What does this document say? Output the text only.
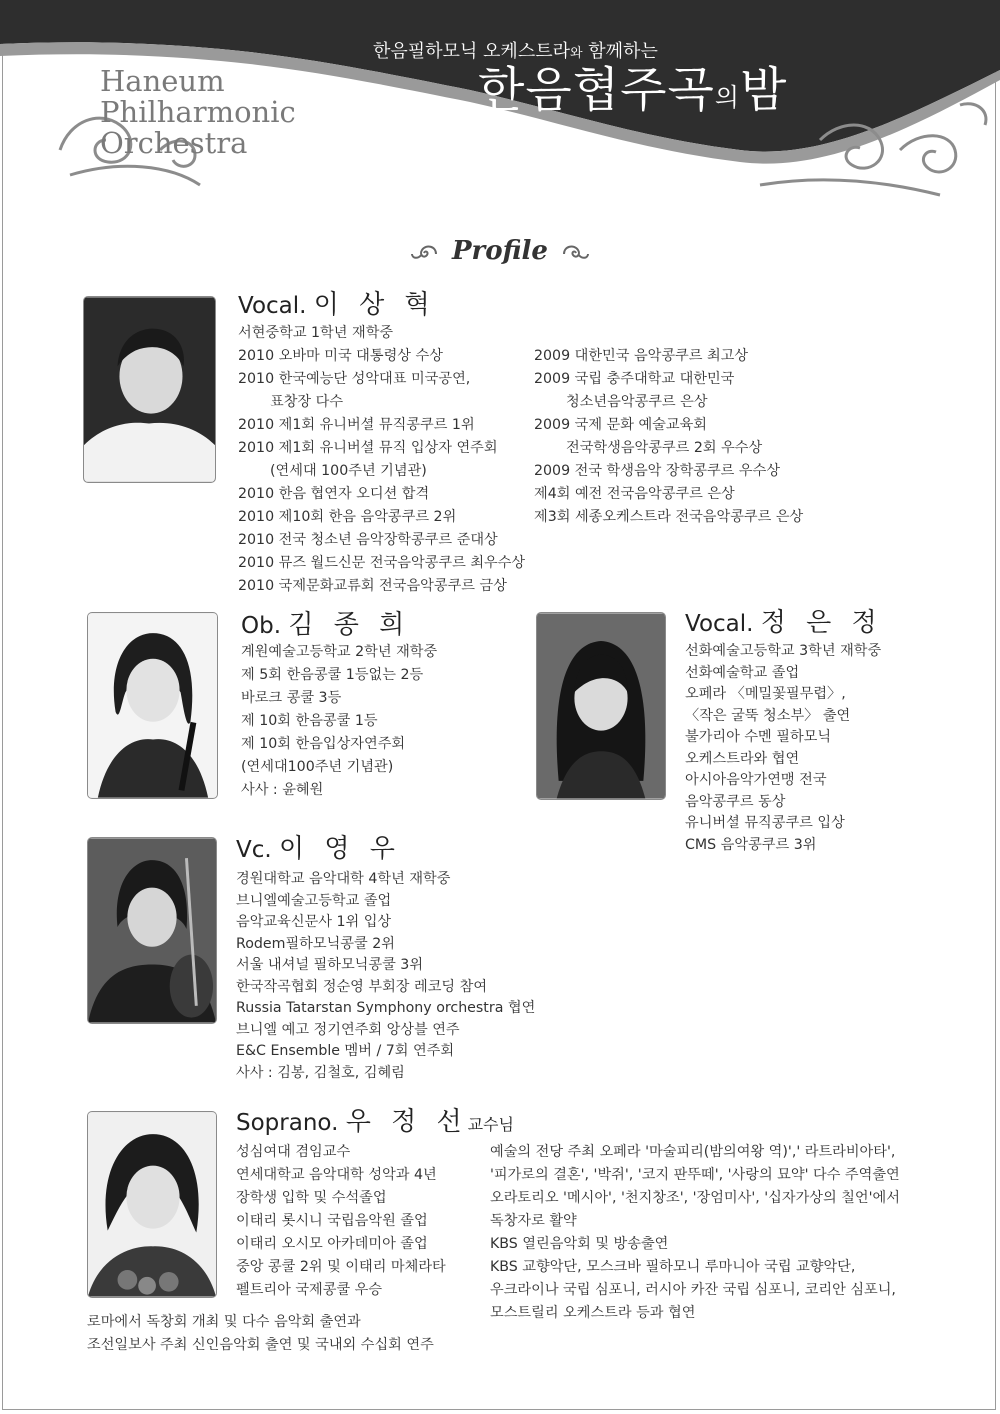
Haneum
Philharmonic
Orchestra
한음필하모닉 오케스트라와 함께하는
한음협주곡의밤
Profile
Vocal. 이 상 혁
서현중학교 1학년 재학중
2010 오바마 미국 대통령상 수상
2010 한국예능단 성악대표 미국공연,
표창장 다수
2010 제1회 유니버셜 뮤직콩쿠르 1위
2010 제1회 유니버셜 뮤직 입상자 연주회
(연세대 100주년 기념관)
2010 한음 협연자 오디션 합격
2010 제10회 한음 음악콩쿠르 2위
2010 전국 청소년 음악장학콩쿠르 준대상
2010 뮤즈 월드신문 전국음악콩쿠르 최우수상
2010 국제문화교류회 전국음악콩쿠르 금상
2009 대한민국 음악콩쿠르 최고상
2009 국립 충주대학교 대한민국
청소년음악콩쿠르 은상
2009 국제 문화 예술교육회
전국학생음악콩쿠르 2회 우수상
2009 전국 학생음악 장학콩쿠르 우수상
제4회 예전 전국음악콩쿠르 은상
제3회 세종오케스트라 전국음악콩쿠르 은상
Ob. 김 종 희
계원예술고등학교 2학년 재학중
제 5회 한음콩쿨 1등없는 2등
바로크 콩쿨 3등
제 10회 한음콩쿨 1등
제 10회 한음입상자연주회
(연세대100주년 기념관)
사사 : 윤혜원
Vocal. 정 은 정
선화예술고등학교 3학년 재학중
선화예술학교 졸업
오페라 〈메밀꽃필무렵〉,
〈작은 굴뚝 청소부〉 출연
불가리아 수멘 필하모닉
오케스트라와 협연
아시아음악가연맹 전국
음악콩쿠르 동상
유니버셜 뮤직콩쿠르 입상
CMS 음악콩쿠르 3위
Vc. 이 영 우
경원대학교 음악대학 4학년 재학중
브니엘예술고등학교 졸업
음악교육신문사 1위 입상
Rodem필하모닉콩쿨 2위
서울 내셔널 필하모닉콩쿨 3위
한국작곡협회 정순영 부회장 레코딩 참여
Russia Tatarstan Symphony orchestra 협연
브니엘 예고 정기연주회 앙상블 연주
E&C Ensemble 멤버 / 7회 연주회
사사 : 김봉, 김철호, 김혜림
Soprano. 우 정 선교수님
성심여대 겸임교수
연세대학교 음악대학 성악과 4년
장학생 입학 및 수석졸업
이태리 롯시니 국립음악원 졸업
이태리 오시모 아카데미아 졸업
중앙 콩쿨 2위 및 이태리 마체라타
펠트리아 국제콩쿨 우승
로마에서 독창회 개최 및 다수 음악회 출연과
조선일보사 주최 신인음악회 출연 및 국내외 수십회 연주
예술의 전당 주최 오페라 '마술피리(밤의여왕 역)',' 라트라비아타',
'피가로의 결혼', '박쥐', '코지 판뚜떼', '사랑의 묘약' 다수 주역출연
오라토리오 '메시아', '천지창조', '장엄미사', '십자가상의 칠언'에서
독창자로 활약
KBS 열린음악회 및 방송출연
KBS 교향악단, 모스크바 필하모니 루마니아 국립 교향악단,
우크라이나 국립 심포니, 러시아 카잔 국립 심포니, 코리안 심포니,
모스트릴리 오케스트라 등과 협연
